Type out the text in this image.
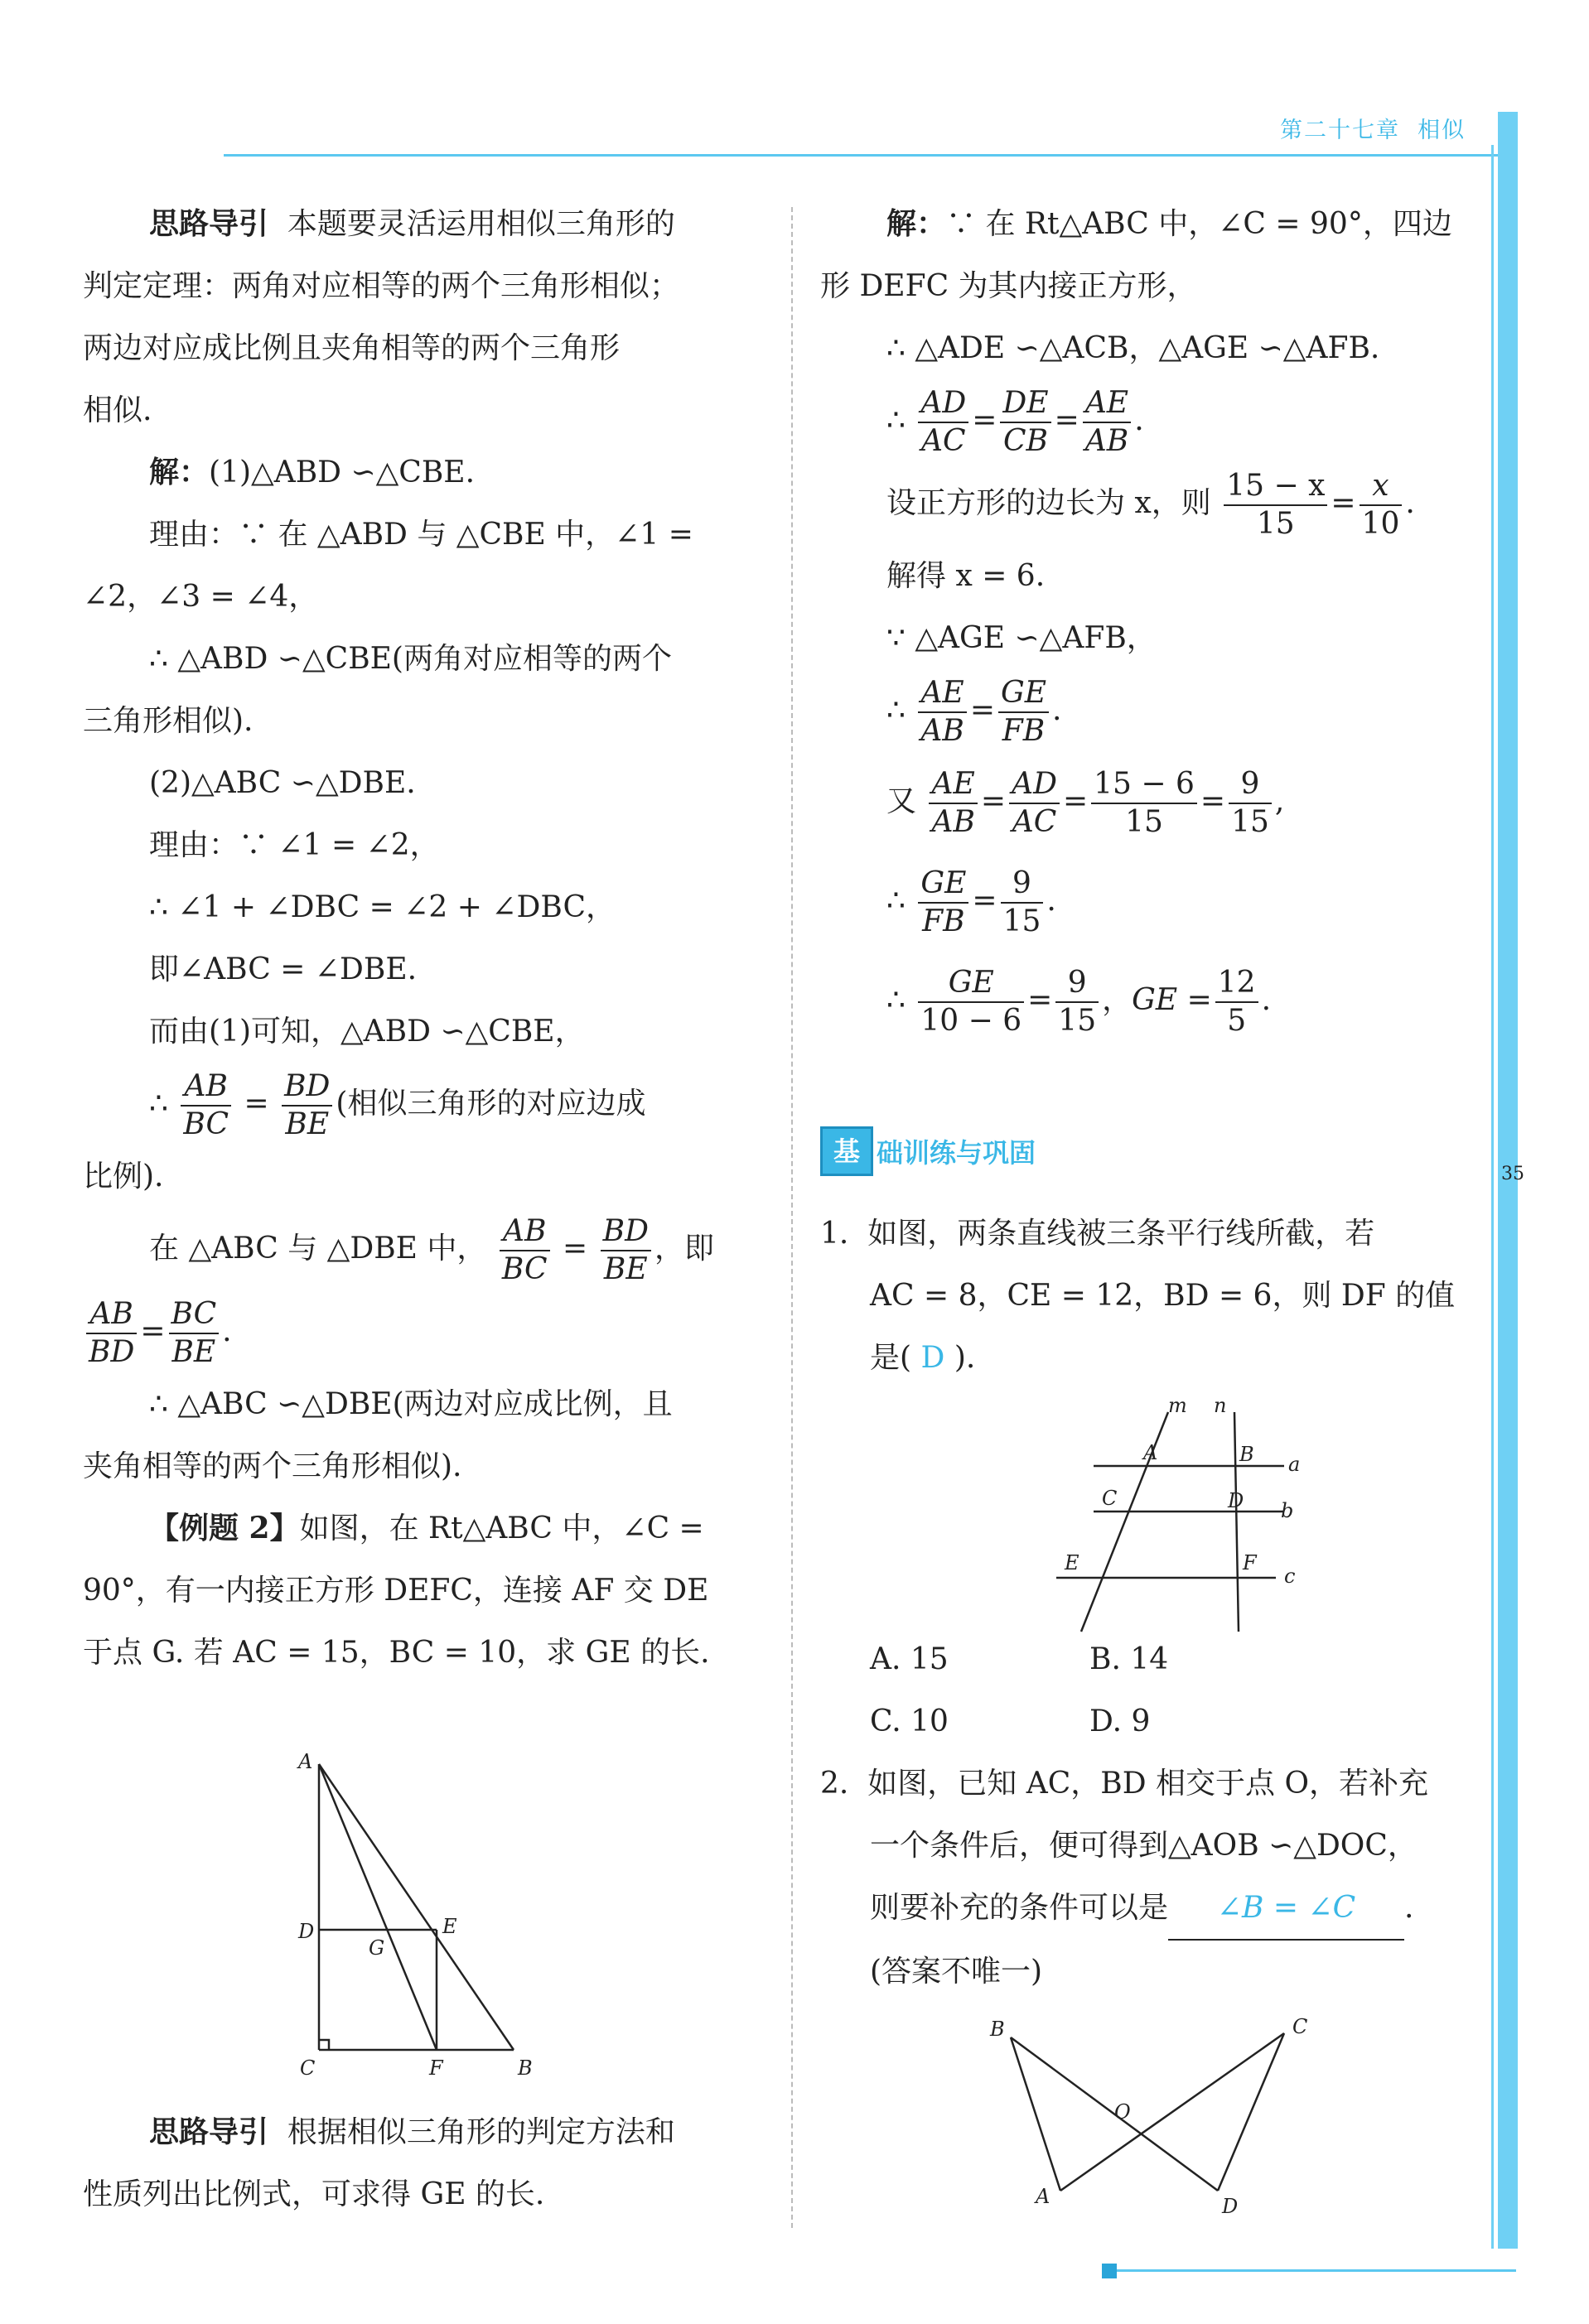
第二十七章 相似
35

思路导引 本题要灵活运用相似三角形的

判定定理：两角对应相等的两个三角形相似；

两边对应成比例且夹角相等的两个三角形

相似.

解：(1)△ABD ∽△CBE.

理由：∵ 在 △ABD 与 △CBE 中，∠1 =

∠2，∠3 = ∠4，

∴ △ABD ∽△CBE(两角对应相等的两个

三角形相似).

(2)△ABC ∽△DBE.

理由：∵ ∠1 = ∠2，

∴ ∠1 + ∠DBC = ∠2 + ∠DBC，

即∠ABC = ∠DBE.

而由(1)可知，△ABD ∽△CBE，

∴ $\frac{AB}{BC} = \frac{BD}{BE}$ (相似三角形的对应边成

比例).

在 △ABC 与 △DBE 中， $\frac{AB}{BC} = \frac{BD}{BE}$ ，即

$\frac{AB}{BD} = \frac{BC}{BE}$ .

∴ △ABC ∽△DBE(两边对应成比例，且

夹角相等的两个三角形相似).

【例题 2】如图，在 Rt△ABC 中，∠C =

90°，有一内接正方形 DEFC，连接 AF 交 DE

于点 G. 若 AC = 15，BC = 10，求 GE 的长.

A
D
G
E
C	F	B

思路导引 根据相似三角形的判定方法和

性质列出比例式，可求得 GE 的长.

解：∵ 在 Rt△ABC 中，∠C = 90°，四边

形 DEFC 为其内接正方形，

∴ △ADE ∽△ACB，△AGE ∽△AFB.

∴ $\frac{AD}{AC} = \frac{DE}{CB} = \frac{AE}{AB}$ .

设正方形的边长为 x，则 $\frac{15 - x}{15} = \frac{x}{10}$ .

解得 x = 6.

∵ △AGE ∽△AFB，

∴ $\frac{AE}{AB} = \frac{GE}{FB}$ .

又 $\frac{AE}{AB} = \frac{AD}{AC} = \frac{15 - 6}{15} = \frac{9}{15}$ ,

∴ $\frac{GE}{FB} = \frac{9}{15}$ .

∴ $\frac{GE}{10 - 6} = \frac{9}{15}$ ，GE = $\frac{12}{5}$ .

基 础训练与巩固

1. 如图，两条直线被三条平行线所截，若

AC = 8，CE = 12，BD = 6，则 DF 的值

是( D ).

m n
A	B a
C	D b
E	F
c

A. 15	B. 14

C. 10	D. 9

2. 如图，已知 AC，BD 相交于点 O，若补充

一个条件后，便可得到△AOB ∽△DOC，

则要补充的条件可以是 ∠B = ∠C .

(答案不唯一)

B	C
O
A	D
